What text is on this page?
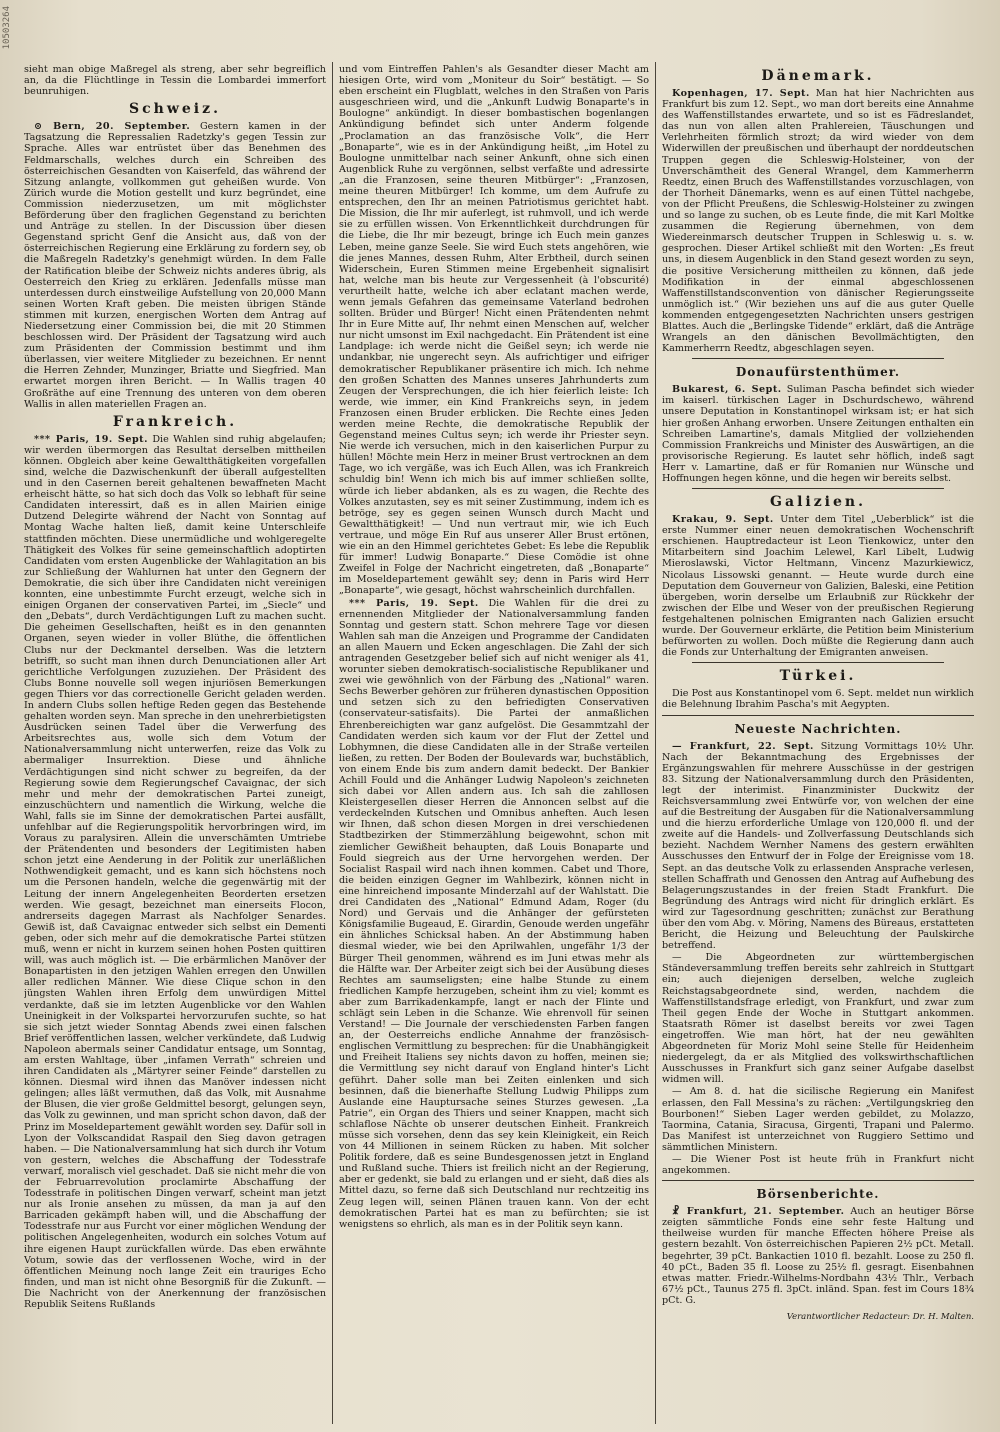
10503264

sieht man obige Maßregel als streng, aber sehr begreiflich an, da die Flüchtlinge in Tessin die Lombardei immerfort beunruhigen.

Schweiz.

⊙ Bern, 20. September. Gestern kamen in der Tagsatzung die Repressalien Radetzky's gegen Tessin zur Sprache. Alles war entrüstet über das Benehmen des Feldmarschalls, welches durch ein Schreiben des österreichischen Gesandten von Kaiserfeld, das während der Sitzung anlangte, vollkommen gut geheißen wurde. Von Zürich wurde die Motion gestellt und kurz begründet, eine Commission niederzusetzen, um mit möglichster Beförderung über den fraglichen Gegenstand zu berichten und Anträge zu stellen. In der Discussion über diesen Gegenstand spricht Genf die Ansicht aus, daß von der österreichischen Regierung eine Erklärung zu fordern sey, ob die Maßregeln Radetzky's genehmigt würden. In dem Falle der Ratification bleibe der Schweiz nichts anderes übrig, als Oesterreich den Krieg zu erklären. Jedenfalls müsse man unterdessen durch einstweilige Aufstellung von 20,000 Mann seinen Worten Kraft geben. Die meisten übrigen Stände stimmen mit kurzen, energischen Worten dem Antrag auf Niedersetzung einer Commission bei, die mit 20 Stimmen beschlossen wird. Der Präsident der Tagsatzung wird auch zum Präsidenten der Commission bestimmt und ihm überlassen, vier weitere Mitglieder zu bezeichnen. Er nennt die Herren Zehnder, Munzinger, Briatte und Siegfried. Man erwartet morgen ihren Bericht. — In Wallis tragen 40 Großräthe auf eine Trennung des unteren von dem oberen Wallis in allen materiellen Fragen an.

Frankreich.

*** Paris, 19. Sept. Die Wahlen sind ruhig abgelaufen; wir werden übermorgen das Resultat derselben mittheilen können. Obgleich aber keine Gewaltthätigkeiten vorgefallen sind, welche die Dazwischenkunft der überall aufgestellten und in den Casernen bereit gehaltenen bewaffneten Macht erheischt hätte, so hat sich doch das Volk so lebhaft für seine Candidaten interessirt, daß es in allen Mairien einige Dutzend Delegirte während der Nacht von Sonntag auf Montag Wache halten ließ, damit keine Unterschleife stattfinden möchten. Diese unermüdliche und wohlgeregelte Thätigkeit des Volkes für seine gemeinschaftlich adoptirten Candidaten vom ersten Augenblicke der Wahlagitation an bis zur Schließung der Wahlurnen hat unter den Gegnern der Demokratie, die sich über ihre Candidaten nicht vereinigen konnten, eine unbestimmte Furcht erzeugt, welche sich in einigen Organen der conservativen Partei, im „Siecle“ und den „Debats“, durch Verdächtigungen Luft zu machen sucht. Die geheimen Gesellschaften, heißt es in den genannten Organen, seyen wieder in voller Blüthe, die öffentlichen Clubs nur der Deckmantel derselben. Was die letztern betrifft, so sucht man ihnen durch Denunciationen aller Art gerichtliche Verfolgungen zuzuziehen. Der Präsident des Clubs Bonne nouvelle soll wegen injuriösen Bemerkungen gegen Thiers vor das correctionelle Gericht geladen werden. In andern Clubs sollen heftige Reden gegen das Bestehende gehalten worden seyn. Man spreche in den unehrerbietigsten Ausdrücken seinen Tadel über die Verwerfung des Arbeitsrechtes aus, wolle sich dem Votum der Nationalversammlung nicht unterwerfen, reize das Volk zu abermaliger Insurrektion. Diese und ähnliche Verdächtigungen sind nicht schwer zu begreifen, da der Regierung sowie dem Regierungschef Cavaignac, der sich mehr und mehr der demokratischen Partei zuneigt, einzuschüchtern und namentlich die Wirkung, welche die Wahl, falls sie im Sinne der demokratischen Partei ausfällt, unfehlbar auf die Regierungspolitik hervorbringen wird, im Voraus zu paralysiren. Allein die unverschämten Umtriebe der Prätendenten und besonders der Legitimisten haben schon jetzt eine Aenderung in der Politik zur unerläßlichen Nothwendigkeit gemacht, und es kann sich höchstens noch um die Personen handeln, welche die gegenwärtig mit der Leitung der innern Angelegenheiten Beorderten ersetzen werden. Wie gesagt, bezeichnet man einerseits Flocon, andrerseits dagegen Marrast als Nachfolger Senardes. Gewiß ist, daß Cavaignac entweder sich selbst ein Dementi geben, oder sich mehr auf die demokratische Partei stützen muß, wenn er nicht in kurzem seinen hohen Posten quittiren will, was auch möglich ist. — Die erbärmlichen Manöver der Bonapartisten in den jetzigen Wahlen erregen den Unwillen aller redlichen Männer. Wie diese Clique schon in den jüngsten Wahlen ihren Erfolg dem unwürdigen Mittel verdankte, daß sie im letzten Augenblicke vor den Wahlen Uneinigkeit in der Volkspartei hervorzurufen suchte, so hat sie sich jetzt wieder Sonntag Abends zwei einen falschen Brief veröffentlichen lassen, welcher verkündete, daß Ludwig Napoleon abermals seiner Candidatur entsage, um Sonntag, am ersten Wahltage, über „infamen Verrath“ schreien und ihren Candidaten als „Märtyrer seiner Feinde“ darstellen zu können. Diesmal wird ihnen das Manöver indessen nicht gelingen; alles läßt vermuthen, daß das Volk, mit Ausnahme der Blusen, die vier große Geldmittel besorgt, gelungen seyn, das Volk zu gewinnen, und man spricht schon davon, daß der Prinz im Moseldepartement gewählt worden sey. Dafür soll in Lyon der Volkscandidat Raspail den Sieg davon getragen haben. — Die Nationalversammlung hat sich durch ihr Votum von gestern, welches die Abschaffung der Todesstrafe verwarf, moralisch viel geschadet. Daß sie nicht mehr die von der Februarrevolution proclamirte Abschaffung der Todesstrafe in politischen Dingen verwarf, scheint man jetzt nur als Ironie ansehen zu müssen, da man ja auf den Barricaden gekämpft haben will, und die Abschaffung der Todesstrafe nur aus Furcht vor einer möglichen Wendung der politischen Angelegenheiten, wodurch ein solches Votum auf ihre eigenen Haupt zurückfallen würde. Das eben erwähnte Votum, sowie das der verflossenen Woche, wird in der öffentlichen Meinung noch lange Zeit ein trauriges Echo finden, und man ist nicht ohne Besorgniß für die Zukunft. — Die Nachricht von der Anerkennung der französischen Republik Seitens Rußlands

und vom Eintreffen Pahlen's als Gesandter dieser Macht am hiesigen Orte, wird vom „Moniteur du Soir“ bestätigt. — So eben erscheint ein Flugblatt, welches in den Straßen von Paris ausgeschrieen wird, und die „Ankunft Ludwig Bonaparte's in Boulogne“ ankündigt. In dieser bombastischen bogenlangen Ankündigung befindet sich unter Anderm folgende „Proclamation an das französische Volk“, die Herr „Bonaparte“, wie es in der Ankündigung heißt, „im Hotel zu Boulogne unmittelbar nach seiner Ankunft, ohne sich einen Augenblick Ruhe zu vergönnen, selbst verfaßte und adressirte „an die Franzosen, seine theuren Mitbürger“: „Franzosen, meine theuren Mitbürger! Ich komme, um dem Aufrufe zu entsprechen, den Ihr an meinen Patriotismus gerichtet habt. Die Mission, die Ihr mir auferlegt, ist ruhmvoll, und ich werde sie zu erfüllen wissen. Von Erkenntlichkeit durchdrungen für die Liebe, die Ihr mir bezeugt, bringe ich Euch mein ganzes Leben, meine ganze Seele. Sie wird Euch stets angehören, wie die jenes Mannes, dessen Ruhm, Alter Erbtheil, durch seinen Widerschein, Euren Stimmen meine Ergebenheit signalisirt hat, welche man bis heute zur Vergessenheit (à l'obscurité) verurtheilt hatte, welche ich aber eclatant machen werde, wenn jemals Gefahren das gemeinsame Vaterland bedrohen sollten. Brüder und Bürger! Nicht einen Prätendenten nehmt Ihr in Eure Mitte auf, Ihr nehmt einen Menschen auf, welcher nur nicht umsonst im Exil nachgedacht. Ein Prätendent ist eine Landplage: ich werde nicht die Geißel seyn; ich werde nie undankbar, nie ungerecht seyn. Als aufrichtiger und eifriger demokratischer Republikaner präsentire ich mich. Ich nehme den großen Schatten des Mannes unseres Jahrhunderts zum Zeugen der Versprechungen, die ich hier feierlich leiste: Ich werde, wie immer, ein Kind Frankreichs seyn, in jedem Franzosen einen Bruder erblicken. Die Rechte eines Jeden werden meine Rechte, die demokratische Republik der Gegenstand meines Cultus seyn; ich werde ihr Priester seyn. Nie werde ich versuchen, mich in den kaiserlichen Purpur zu hüllen! Möchte mein Herz in meiner Brust vertrocknen an dem Tage, wo ich vergäße, was ich Euch Allen, was ich Frankreich schuldig bin! Wenn ich mich bis auf immer schließen sollte, würde ich lieber abdanken, als es zu wagen, die Rechte des Volkes anzutasten, sey es mit seiner Zustimmung, indem ich es betröge, sey es gegen seinen Wunsch durch Macht und Gewaltthätigkeit! — Und nun vertraut mir, wie ich Euch vertraue, und möge Ein Ruf aus unserer Aller Brust ertönen, wie ein an den Himmel gerichtetes Gebet: Es lebe die Republik für immer! Ludwig Bonaparte.“ Diese Comödie ist ohne Zweifel in Folge der Nachricht eingetreten, daß „Bonaparte“ im Moseldepartement gewählt sey; denn in Paris wird Herr „Bonaparte“, wie gesagt, höchst wahrscheinlich durchfallen.

*** Paris, 19. Sept. Die Wahlen für die drei zu ernennenden Mitglieder der Nationalversammlung fanden Sonntag und gestern statt. Schon mehrere Tage vor diesen Wahlen sah man die Anzeigen und Programme der Candidaten an allen Mauern und Ecken angeschlagen. Die Zahl der sich antragenden Gesetzgeber belief sich auf nicht weniger als 41, worunter sieben demokratisch-socialistische Republikaner und zwei wie gewöhnlich von der Färbung des „National“ waren. Sechs Bewerber gehören zur früheren dynastischen Opposition und setzen sich zu den befriedigten Conservativen (conservateur-satisfaits). Die Partei der anmaßlichen Ehrenbereichigten war ganz aufgelöst. Die Gesammtzahl der Candidaten werden sich kaum vor der Flut der Zettel und Lobhymnen, die diese Candidaten alle in der Straße verteilen ließen, zu retten. Der Boden der Boulevards war, buchstäblich, von einem Ende bis zum andern damit bedeckt. Der Bankier Achill Fould und die Anhänger Ludwig Napoleon's zeichneten sich dabei vor Allen andern aus. Ich sah die zahllosen Kleistergesellen dieser Herren die Annoncen selbst auf die verdeckelnden Kutschen und Omnibus anheften. Auch lesen wir Ihnen, daß schon diesen Morgen in drei verschiedenen Stadtbezirken der Stimmerzählung beigewohnt, schon mit ziemlicher Gewißheit behaupten, daß Louis Bonaparte und Fould siegreich aus der Urne hervorgehen werden. Der Socialist Raspail wird nach ihnen kommen. Cabet und Thore, die beiden einzigen Gegner im Wahlbezirk, können nicht in eine hinreichend imposante Minderzahl auf der Wahlstatt. Die drei Candidaten des „National“ Edmund Adam, Roger (du Nord) und Gervais und die Anhänger der gefürsteten Königsfamilie Bugeaud, E. Girardin, Genoude werden ungefähr ein ähnliches Schicksal haben. An der Abstimmung haben diesmal wieder, wie bei den Aprilwahlen, ungefähr 1/3 der Bürger Theil genommen, während es im Juni etwas mehr als die Hälfte war. Der Arbeiter zeigt sich bei der Ausübung dieses Rechtes am saumseligsten; eine halbe Stunde zu einem friedlichen Kampfe herzugeben, scheint ihm zu viel; kommt es aber zum Barrikadenkampfe, langt er nach der Flinte und schlägt sein Leben in die Schanze. Wie ehrenvoll für seinen Verstand! — Die Journale der verschiedensten Farben fangen an, der Oesterreichs endliche Annahme der französisch-englischen Vermittlung zu besprechen: für die Unabhängigkeit und Freiheit Italiens sey nichts davon zu hoffen, meinen sie; die Vermittlung sey nicht darauf von England hinter's Licht geführt. Daher solle man bei Zeiten einlenken und sich besinnen, daß die bienerhafte Stellung Ludwig Philipps zum Auslande eine Hauptursache seines Sturzes gewesen. „La Patrie“, ein Organ des Thiers und seiner Knappen, macht sich schlaflose Nächte ob unserer deutschen Einheit. Frankreich müsse sich vorsehen, denn das sey kein Kleinigkeit, ein Reich von 44 Millionen in seinem Rücken zu haben. Mit solcher Politik fordere, daß es seine Bundesgenossen jetzt in England und Rußland suche. Thiers ist freilich nicht an der Regierung, aber er gedenkt, sie bald zu erlangen und er sieht, daß dies als Mittel dazu, so ferne daß sich Deutschland nur rechtzeitig ins Zeug legen will, seinen Plänen trauen kann. Von der echt demokratischen Partei hat es man zu befürchten; sie ist wenigstens so ehrlich, als man es in der Politik seyn kann.

Dänemark.

Kopenhagen, 17. Sept. Man hat hier Nachrichten aus Frankfurt bis zum 12. Sept., wo man dort bereits eine Annahme des Waffenstillstandes erwartete, und so ist es Fädreslandet, das nun von allen alten Prahlereien, Täuschungen und Verlehrheiten förmlich strozt; da wird wieder von dem Widerwillen der preußischen und überhaupt der norddeutschen Truppen gegen die Schleswig-Holsteiner, von der Unverschämtheit des General Wrangel, dem Kammerherrn Reedtz, einen Bruch des Waffenstillstandes vorzuschlagen, von der Thorheit Dänemarks, wenn es auf einen Tüttel nachgebe, von der Pflicht Preußens, die Schleswig-Holsteiner zu zwingen und so lange zu suchen, ob es Leute finde, die mit Karl Moltke zusammen die Regierung übernehmen, von dem Wiedereinmarsch deutscher Truppen in Schleswig u. s. w. gesprochen. Dieser Artikel schließt mit den Worten: „Es freut uns, in diesem Augenblick in den Stand gesezt worden zu seyn, die positive Versicherung mittheilen zu können, daß jede Modifikation in der einmal abgeschlossenen Waffenstillstandsconvention von dänischer Regierungsseite unmöglich ist.“ (Wir beziehen uns auf die aus guter Quelle kommenden entgegengesetzten Nachrichten unsers gestrigen Blattes. Auch die „Berlingske Tidende“ erklärt, daß die Anträge Wrangels an den dänischen Bevollmächtigten, den Kammerherrn Reedtz, abgeschlagen seyen.

Donaufürstenthümer.

Bukarest, 6. Sept. Suliman Pascha befindet sich wieder im kaiserl. türkischen Lager in Dschurdschewo, während unsere Deputation in Konstantinopel wirksam ist; er hat sich hier großen Anhang erworben. Unsere Zeitungen enthalten ein Schreiben Lamartine's, damals Mitglied der vollziehenden Commission Frankreichs und Minister des Auswärtigen, an die provisorische Regierung. Es lautet sehr höflich, indeß sagt Herr v. Lamartine, daß er für Romanien nur Wünsche und Hoffnungen hegen könne, und die hegen wir bereits selbst.

Galizien.

Krakau, 9. Sept. Unter dem Titel „Ueberblick“ ist die erste Nummer einer neuen demokratischen Wochenschrift erschienen. Hauptredacteur ist Leon Tienkowicz, unter den Mitarbeitern sind Joachim Lelewel, Karl Libelt, Ludwig Mieroslawski, Victor Heltmann, Vincenz Mazurkiewicz, Nicolaus Lissowski genannt. — Heute wurde durch eine Deputation dem Gouverneur von Galizien, Baleski, eine Petition übergeben, worin derselbe um Erlaubniß zur Rückkehr der zwischen der Elbe und Weser von der preußischen Regierung festgehaltenen polnischen Emigranten nach Galizien ersucht wurde. Der Gouverneur erklärte, die Petition beim Ministerium befürworten zu wollen. Doch müßte die Regierung dann auch die Fonds zur Unterhaltung der Emigranten anweisen.

Türkei.

Die Post aus Konstantinopel vom 6. Sept. meldet nun wirklich die Belehnung Ibrahim Pascha's mit Aegypten.

Neueste Nachrichten.

— Frankfurt, 22. Sept. Sitzung Vormittags 10½ Uhr. Nach der Bekanntmachung des Ergebnisses der Ergänzungswahlen für mehrere Ausschüsse in der gestrigen 83. Sitzung der Nationalversammlung durch den Präsidenten, legt der interimist. Finanzminister Duckwitz der Reichsversammlung zwei Entwürfe vor, von welchen der eine auf die Bestreitung der Ausgaben für die Nationalversammlung und die hierzu erforderliche Umlage von 120,000 fl. und der zweite auf die Handels- und Zollverfassung Deutschlands sich bezieht. Nachdem Wernher Namens des gestern erwählten Ausschusses den Entwurf der in Folge der Ereignisse vom 18. Sept. an das deutsche Volk zu erlassenden Ansprache verlesen, stellen Schaffrath und Genossen den Antrag auf Aufhebung des Belagerungszustandes in der freien Stadt Frankfurt. Die Begründung des Antrags wird nicht für dringlich erklärt. Es wird zur Tagesordnung geschritten; zunächst zur Berathung über den vom Abg. v. Möring, Namens des Büreaus, erstatteten Bericht, die Heizung und Beleuchtung der Paulskirche betreffend.

— Die Abgeordneten zur württembergischen Ständeversammlung treffen bereits sehr zahlreich in Stuttgart ein; auch diejenigen derselben, welche zugleich Reichstagsabgeordnete sind, werden, nachdem die Waffenstillstandsfrage erledigt, von Frankfurt, und zwar zum Theil gegen Ende der Woche in Stuttgart ankommen. Staatsrath Römer ist daselbst bereits vor zwei Tagen eingetroffen. Wie man hört, hat der neu gewählten Abgeordneten für Moriz Mohl seine Stelle für Heidenheim niedergelegt, da er als Mitglied des volkswirthschaftlichen Ausschusses in Frankfurt sich ganz seiner Aufgabe daselbst widmen will.

— Am 8. d. hat die sicilische Regierung ein Manifest erlassen, den Fall Messina's zu rächen: „Vertilgungskrieg den Bourbonen!“ Sieben Lager werden gebildet, zu Molazzo, Taormina, Catania, Siracusa, Girgenti, Trapani und Palermo. Das Manifest ist unterzeichnet von Ruggiero Settimo und sämmtlichen Ministern.

— Die Wiener Post ist heute früh in Frankfurt nicht angekommen.

Börsenberichte.

☧ Frankfurt, 21. September. Auch an heutiger Börse zeigten sämmtliche Fonds eine sehr feste Haltung und theilweise wurden für manche Effecten höhere Preise als gestern bezahlt. Von österreichischen Papieren 2½ pCt. Metall. begehrter, 39 pCt. Bankactien 1010 fl. bezahlt. Loose zu 250 fl. 40 pCt., Baden 35 fl. Loose zu 25½ fl. gesragt. Eisenbahnen etwas matter. Friedr.-Wilhelms-Nordbahn 43½ Thlr., Verbach 67½ pCt., Taunus 275 fl. 3pCt. inländ. Span. fest im Cours 18¾ pCt. G.

Verantwortlicher Redacteur: Dr. H. Malten.
